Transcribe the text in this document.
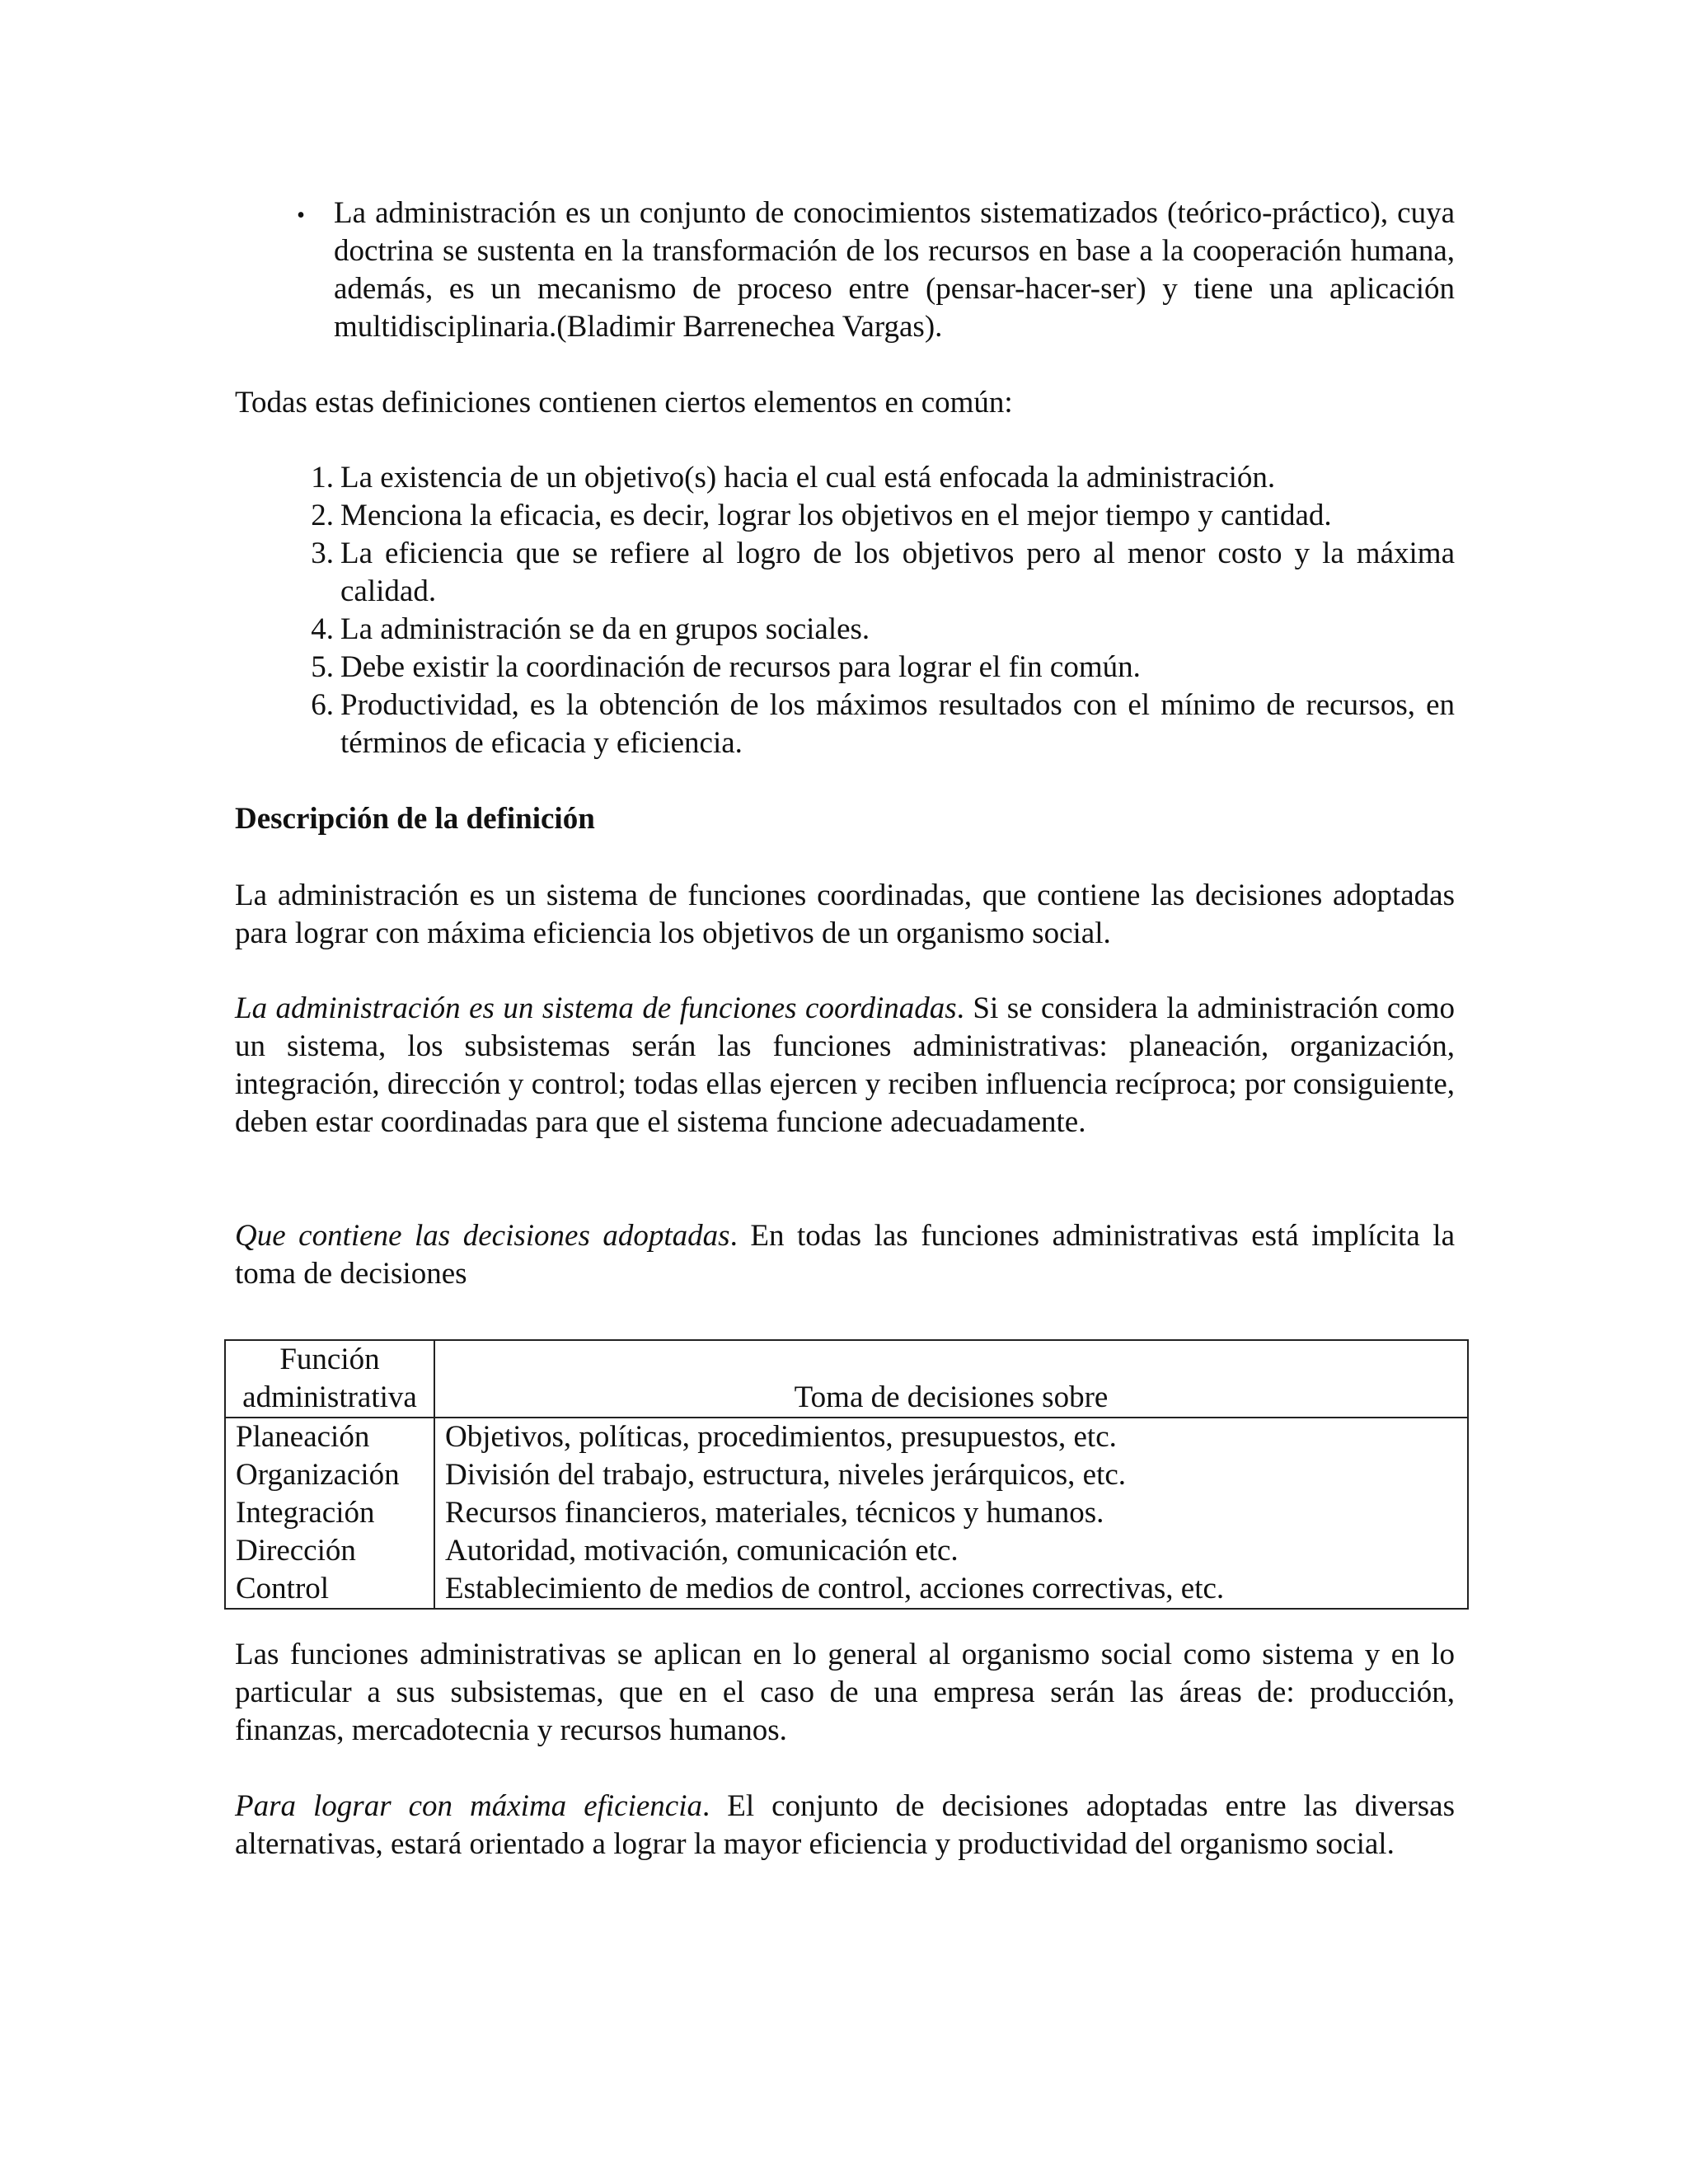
• La administración es un conjunto de conocimientos sistematizados (teórico-práctico), cuya doctrina se sustenta en la transformación de los recursos en base a la cooperación humana, además, es un mecanismo de proceso entre (pensar-hacer-ser) y tiene una aplicación multidisciplinaria.(Bladimir Barrenechea Vargas).

Todas estas definiciones contienen ciertos elementos en común:

1. La existencia de un objetivo(s) hacia el cual está enfocada la administración.
2. Menciona la eficacia, es decir, lograr los objetivos en el mejor tiempo y cantidad.
3. La eficiencia que se refiere al logro de los objetivos pero al menor costo y la máxima calidad.
4. La administración se da en grupos sociales.
5. Debe existir la coordinación de recursos para lograr el fin común.
6. Productividad, es la obtención de los máximos resultados con el mínimo de recursos, en términos de eficacia y eficiencia.

Descripción de la definición

La administración es un sistema de funciones coordinadas, que contiene las decisiones adoptadas para lograr con máxima eficiencia los objetivos de un organismo social.

La administración es un sistema de funciones coordinadas. Si se considera la administración como un sistema, los subsistemas serán las funciones administrativas: planeación, organización, integración, dirección y control; todas ellas ejercen y reciben influencia recíproca; por consiguiente, deben estar coordinadas para que el sistema funcione adecuadamente.

Que contiene las decisiones adoptadas. En todas las funciones administrativas está implícita la toma de decisiones

Función
administrativa	Toma de decisiones sobre
Planeación	Objetivos, políticas, procedimientos, presupuestos, etc.
Organización	División del trabajo, estructura, niveles jerárquicos, etc.
Integración	Recursos financieros, materiales, técnicos y humanos.
Dirección	Autoridad, motivación, comunicación etc.
Control	Establecimiento de medios de control, acciones correctivas, etc.

Las funciones administrativas se aplican en lo general al organismo social como sistema y en lo particular a sus subsistemas, que en el caso de una empresa serán las áreas de: producción, finanzas, mercadotecnia y recursos humanos.

Para lograr con máxima eficiencia. El conjunto de decisiones adoptadas entre las diversas alternativas, estará orientado a lograr la mayor eficiencia y productividad del organismo social.
